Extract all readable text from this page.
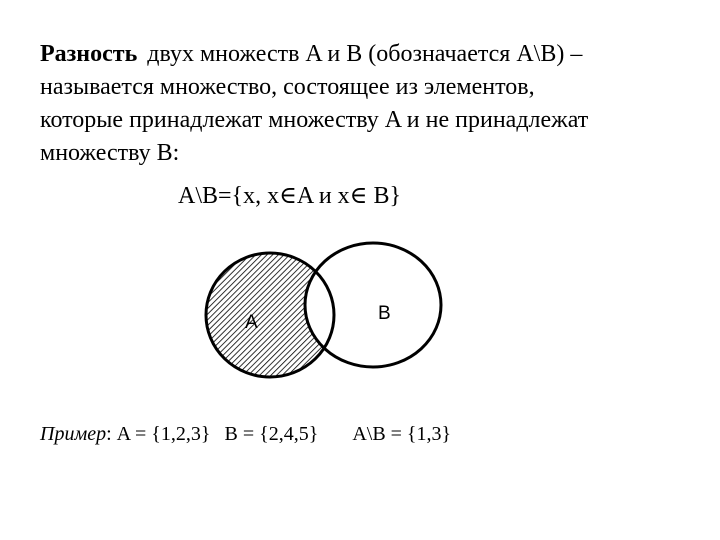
Разность двух множеств A и B (обозначается A\B) –
называется множество, состоящее из элементов,
которые принадлежат множеству A и не принадлежат
множеству B:
A\B={x, x∈A и x∈ B}
A	B
Пример: A = {1,2,3} B = {2,4,5} A\B = {1,3}
